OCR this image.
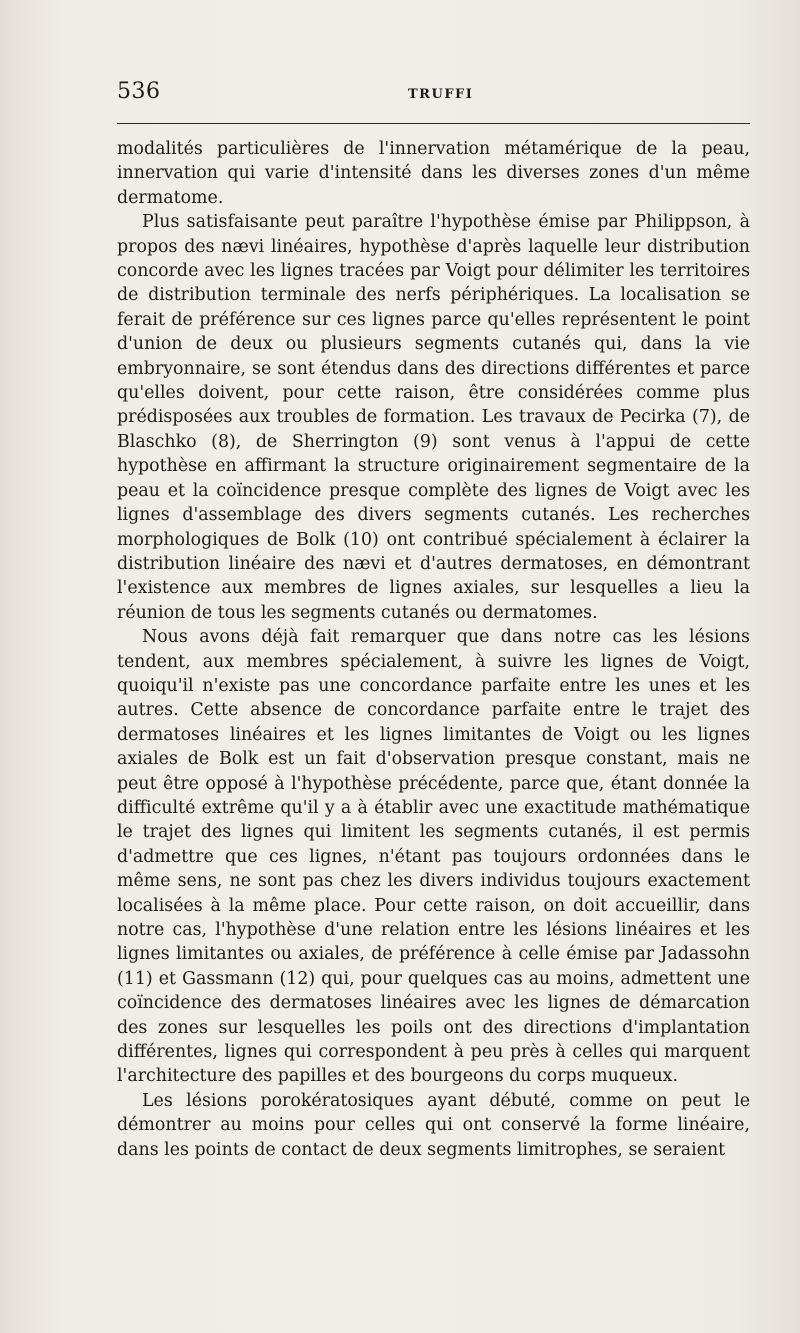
536	TRUFFI

modalités particulières de l'innervation métamérique de la peau, innervation qui varie d'intensité dans les diverses zones d'un même dermatome.

Plus satisfaisante peut paraître l'hypothèse émise par Philippson, à propos des nævi linéaires, hypothèse d'après laquelle leur distribution concorde avec les lignes tracées par Voigt pour délimiter les territoires de distribution terminale des nerfs périphériques. La localisation se ferait de préférence sur ces lignes parce qu'elles représentent le point d'union de deux ou plusieurs segments cutanés qui, dans la vie embryonnaire, se sont étendus dans des directions différentes et parce qu'elles doivent, pour cette raison, être considérées comme plus prédisposées aux troubles de formation. Les travaux de Pecirka (7), de Blaschko (8), de Sherrington (9) sont venus à l'appui de cette hypothèse en affirmant la structure originairement segmentaire de la peau et la coïncidence presque complète des lignes de Voigt avec les lignes d'assemblage des divers segments cutanés. Les recherches morphologiques de Bolk (10) ont contribué spécialement à éclairer la distribution linéaire des nævi et d'autres dermatoses, en démontrant l'existence aux membres de lignes axiales, sur lesquelles a lieu la réunion de tous les segments cutanés ou dermatomes.

Nous avons déjà fait remarquer que dans notre cas les lésions tendent, aux membres spécialement, à suivre les lignes de Voigt, quoiqu'il n'existe pas une concordance parfaite entre les unes et les autres. Cette absence de concordance parfaite entre le trajet des dermatoses linéaires et les lignes limitantes de Voigt ou les lignes axiales de Bolk est un fait d'observation presque constant, mais ne peut être opposé à l'hypothèse précédente, parce que, étant donnée la difficulté extrême qu'il y a à établir avec une exactitude mathématique le trajet des lignes qui limitent les segments cutanés, il est permis d'admettre que ces lignes, n'étant pas toujours ordonnées dans le même sens, ne sont pas chez les divers individus toujours exactement localisées à la même place. Pour cette raison, on doit accueillir, dans notre cas, l'hypothèse d'une relation entre les lésions linéaires et les lignes limitantes ou axiales, de préférence à celle émise par Jadassohn (11) et Gassmann (12) qui, pour quelques cas au moins, admettent une coïncidence des dermatoses linéaires avec les lignes de démarcation des zones sur lesquelles les poils ont des directions d'implantation différentes, lignes qui correspondent à peu près à celles qui marquent l'architecture des papilles et des bourgeons du corps muqueux.

Les lésions porokératosiques ayant débuté, comme on peut le démontrer au moins pour celles qui ont conservé la forme linéaire, dans les points de contact de deux segments limitrophes, se seraient
